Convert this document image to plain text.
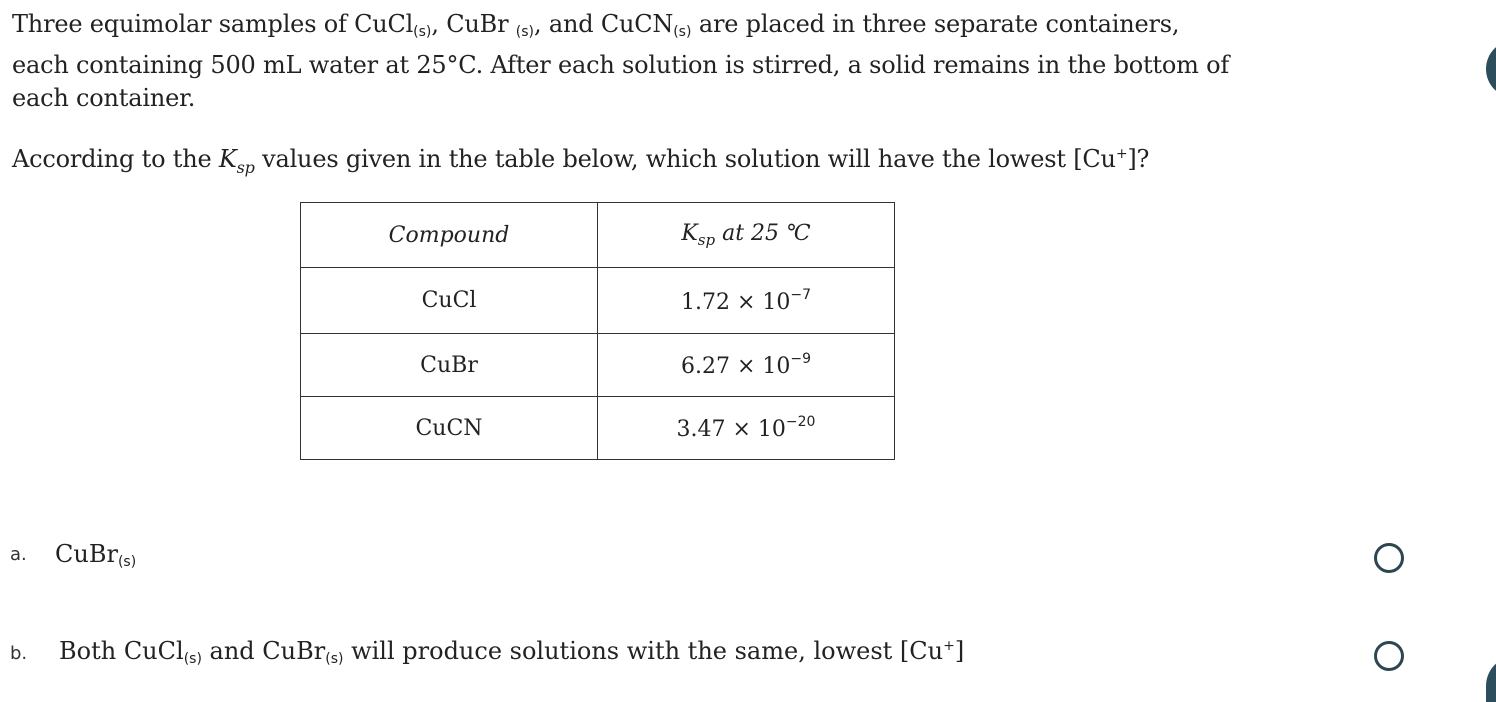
Three equimolar samples of CuCl$_{(s)}$, CuBr $_{(s)}$, and CuCN$_{(s)}$ are placed in three separate containers,
each containing 500 mL water at 25°C. After each solution is stirred, a solid remains in the bottom of
each container.
According to the $K_{sp}$ values given in the table below, which solution will have the lowest [Cu+]?
Compound	$K_{sp}$ at 25 ℃
CuCl	$1.72 \times 10^{-7}$
CuBr	$6.27 \times 10^{-9}$
CuCN	$3.47 \times 10^{-20}$
a. CuBr$_{(s)}$
b. Both CuCl$_{(s)}$ and CuBr$_{(s)}$ will produce solutions with the same, lowest [Cu+]
